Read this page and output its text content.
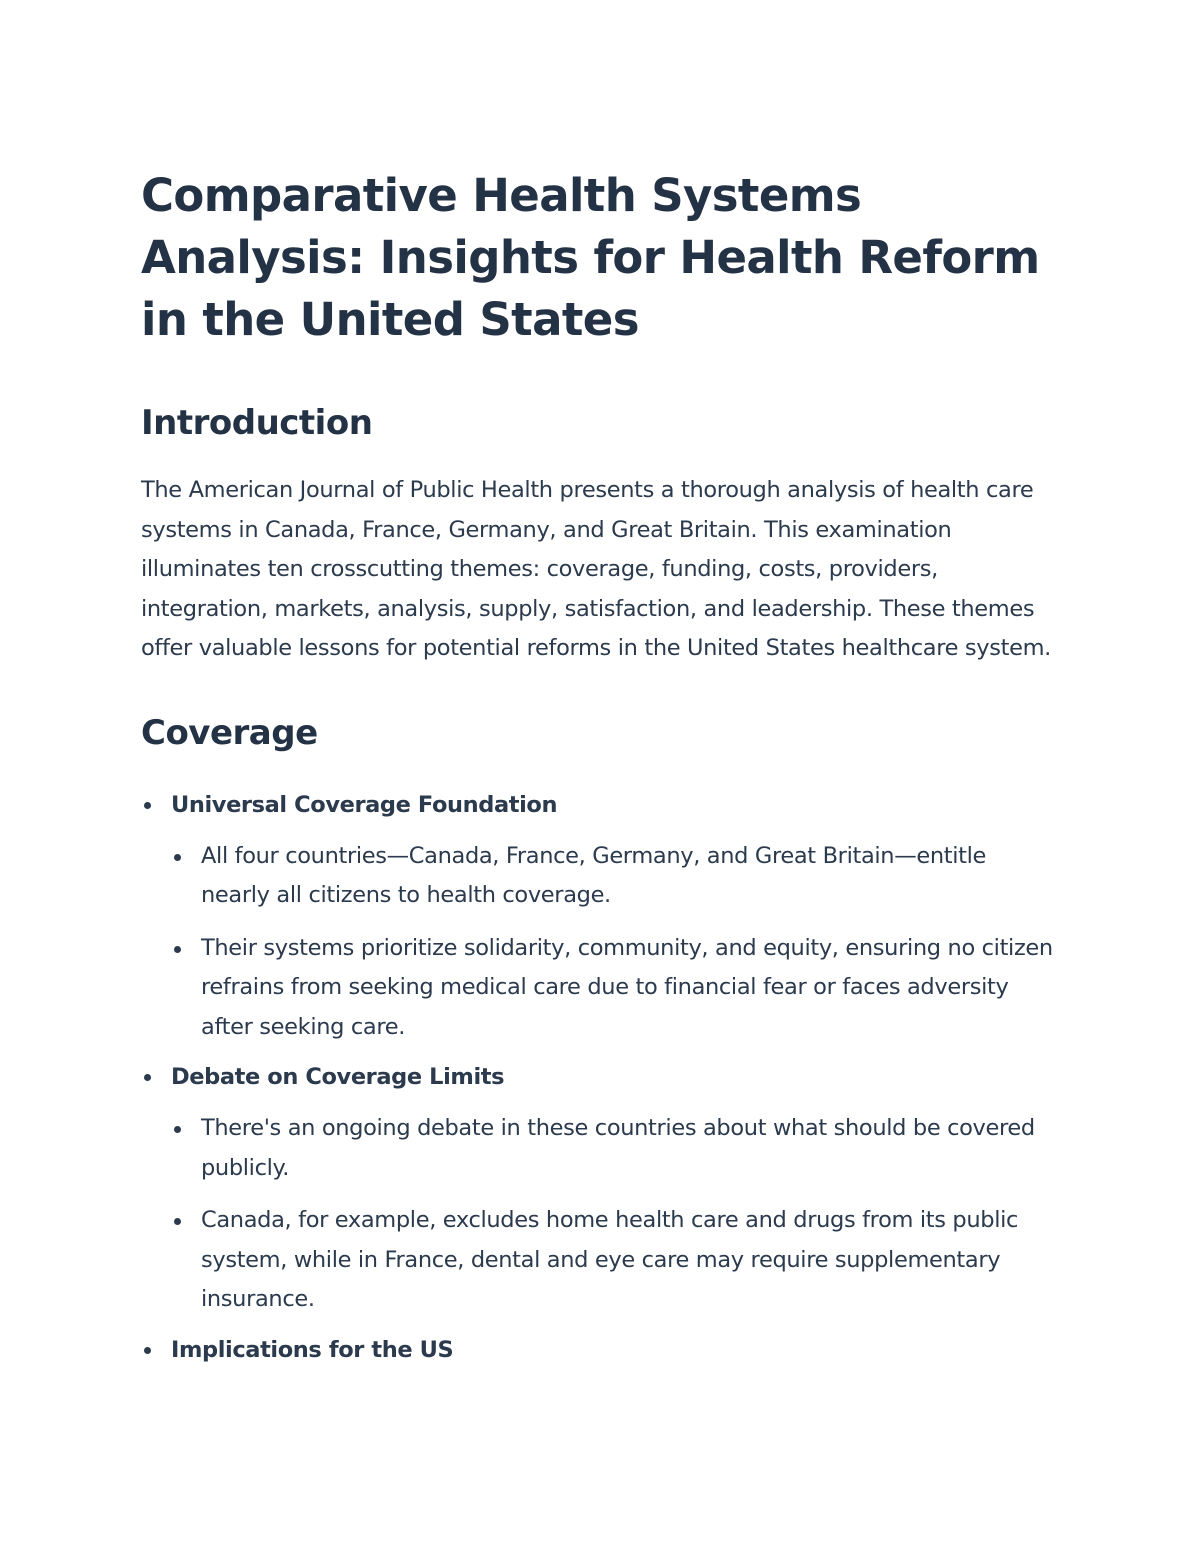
Comparative Health Systems Analysis: Insights for Health Reform in the United States
Introduction

The American Journal of Public Health presents a thorough analysis of health care systems in Canada, France, Germany, and Great Britain. This examination illuminates ten crosscutting themes: coverage, funding, costs, providers, integration, markets, analysis, supply, satisfaction, and leadership. These themes offer valuable lessons for potential reforms in the United States healthcare system.

Coverage
Universal Coverage Foundation
All four countries—Canada, France, Germany, and Great Britain—entitle nearly all citizens to health coverage.
Their systems prioritize solidarity, community, and equity, ensuring no citizen refrains from seeking medical care due to financial fear or faces adversity after seeking care.
Debate on Coverage Limits
There's an ongoing debate in these countries about what should be covered publicly.
Canada, for example, excludes home health care and drugs from its public system, while in France, dental and eye care may require supplementary insurance.
Implications for the US
